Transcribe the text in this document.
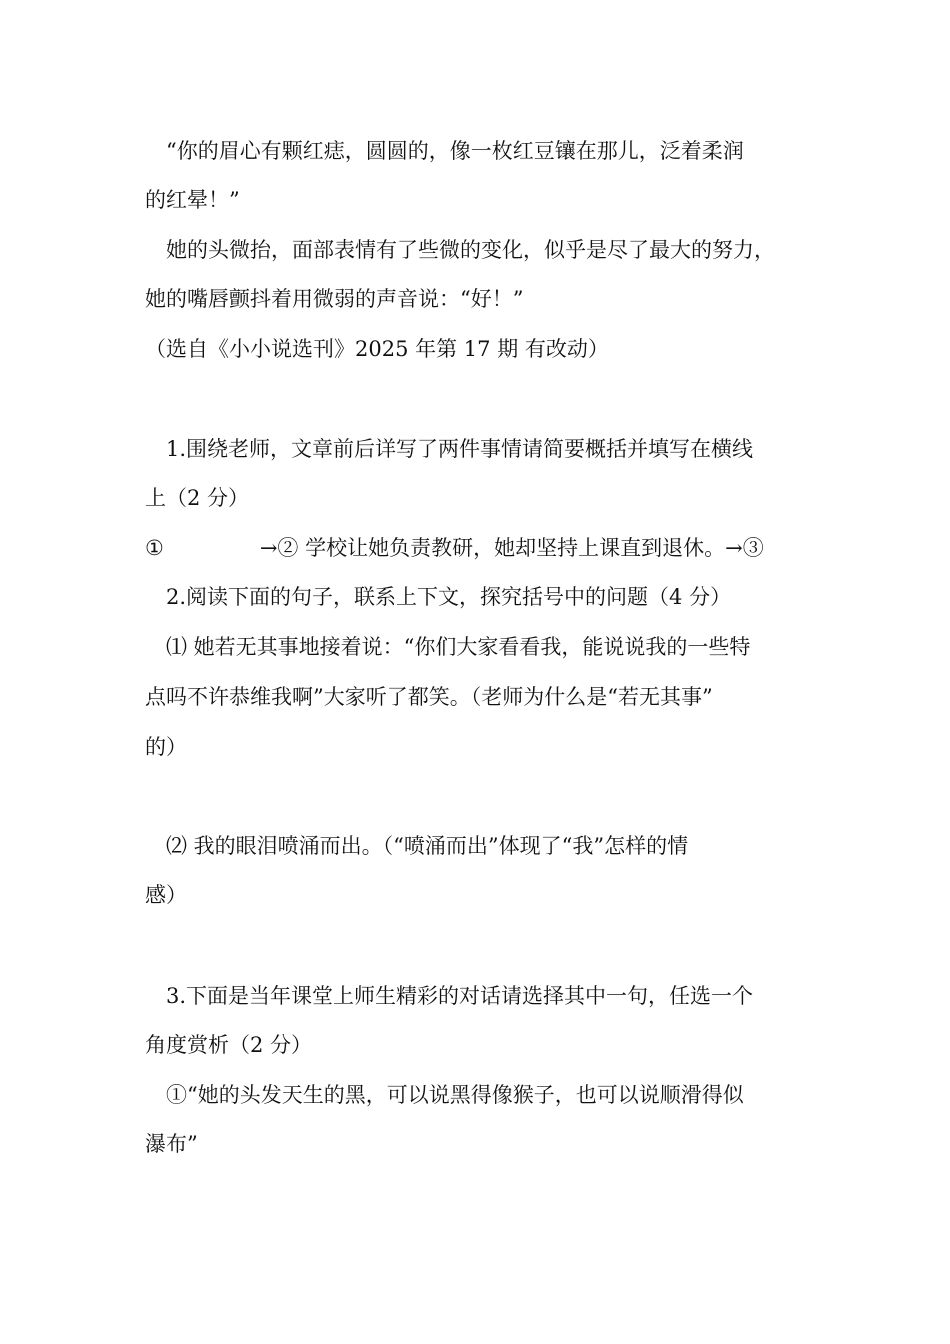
“你的眉心有颗红痣，圆圆的，像一枚红豆镶在那儿，泛着柔润
的红晕！”
她的头微抬，面部表情有了些微的变化，似乎是尽了最大的努力，
她的嘴唇颤抖着用微弱的声音说：“好！”
（选自《小小说选刊》2025 年第 17 期 有改动）
1.围绕老师，文章前后详写了两件事情请简要概括并填写在横线
上（2 分）
①	→② 学校让她负责教研，她却坚持上课直到退休。→③
2.阅读下面的句子，联系上下文，探究括号中的问题（4 分）
⑴ 她若无其事地接着说：“你们大家看看我，能说说我的一些特
点吗不许恭维我啊”大家听了都笑。（老师为什么是“若无其事”
的）
⑵ 我的眼泪喷涌而出。（“喷涌而出”体现了“我”怎样的情
感）
3.下面是当年课堂上师生精彩的对话请选择其中一句，任选一个
角度赏析（2 分）
①“她的头发天生的黑，可以说黑得像猴子，也可以说顺滑得似
瀑布”
